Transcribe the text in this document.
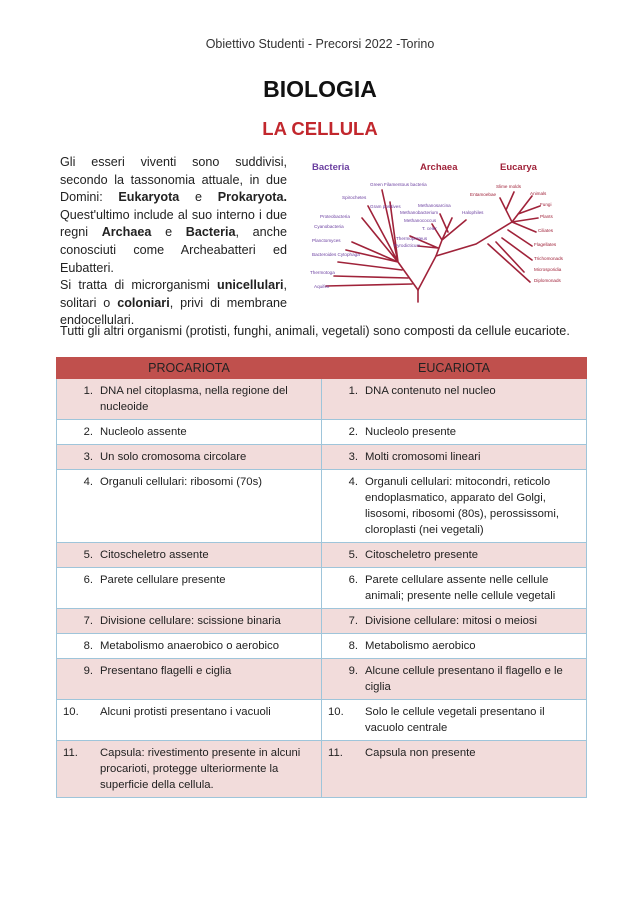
Obiettivo Studenti - Precorsi 2022 -Torino
BIOLOGIA
LA CELLULA

Gli esseri viventi sono suddivisi, secondo la tassonomia attuale, in due Domini: Eukaryota e Prokaryota. Quest'ultimo include al suo interno i due regni Archaea e Bacteria, anche conosciuti come Archeabatteri ed Eubatteri.

Si tratta di microrganismi unicellulari, solitari o coloniari, privi di membrane endocellulari.

Tutti gli altri organismi (protisti, funghi, animali, vegetali) sono composti da cellule eucariote.

Bacteria	Archaea	Eucarya
Green Filamentous bacteria
Spirochetes
Gram positives
Proteobacteria
Cyanobacteria
Planctomyces
Bacteroides Cytophaga
Thermotoga
Aquifex
Methanosarcina
Methanobacterium	Halophiles
Methanococcus
T. celer
Thermoproteus
Pyrodicticum
Entamoebae
Slime molds
Animals
Fungi
Plants
Ciliates
Flagellates
Trichomonads
Microsporidia
Diplomonads
PROCARIOTA	EUCARIOTA

1. DNA nel citoplasma, nella regione del nucleoide	1. DNA contenuto nel nucleo

2. Nucleolo assente	2. Nucleolo presente

3. Un solo cromosoma circolare	3. Molti cromosomi lineari

4. Organuli cellulari: ribosomi (70s)	4. Organuli cellulari: mitocondri, reticolo endoplasmatico, apparato del Golgi, lisosomi, ribosomi (80s), perossissomi, cloroplasti (nei vegetali)

5. Citoscheletro assente	5. Citoscheletro presente

6. Parete cellulare presente	6. Parete cellulare assente nelle cellule animali; presente nelle cellule vegetali

7. Divisione cellulare: scissione binaria	7. Divisione cellulare: mitosi o meiosi

8. Metabolismo anaerobico o aerobico	8. Metabolismo aerobico

9. Presentano flagelli e ciglia	9. Alcune cellule presentano il flagello e le ciglia

10. Alcuni protisti presentano i vacuoli	10. Solo le cellule vegetali presentano il vacuolo centrale

11. Capsula: rivestimento presente in alcuni procarioti, protegge ulteriormente la superficie della cellula.	11. Capsula non presente
